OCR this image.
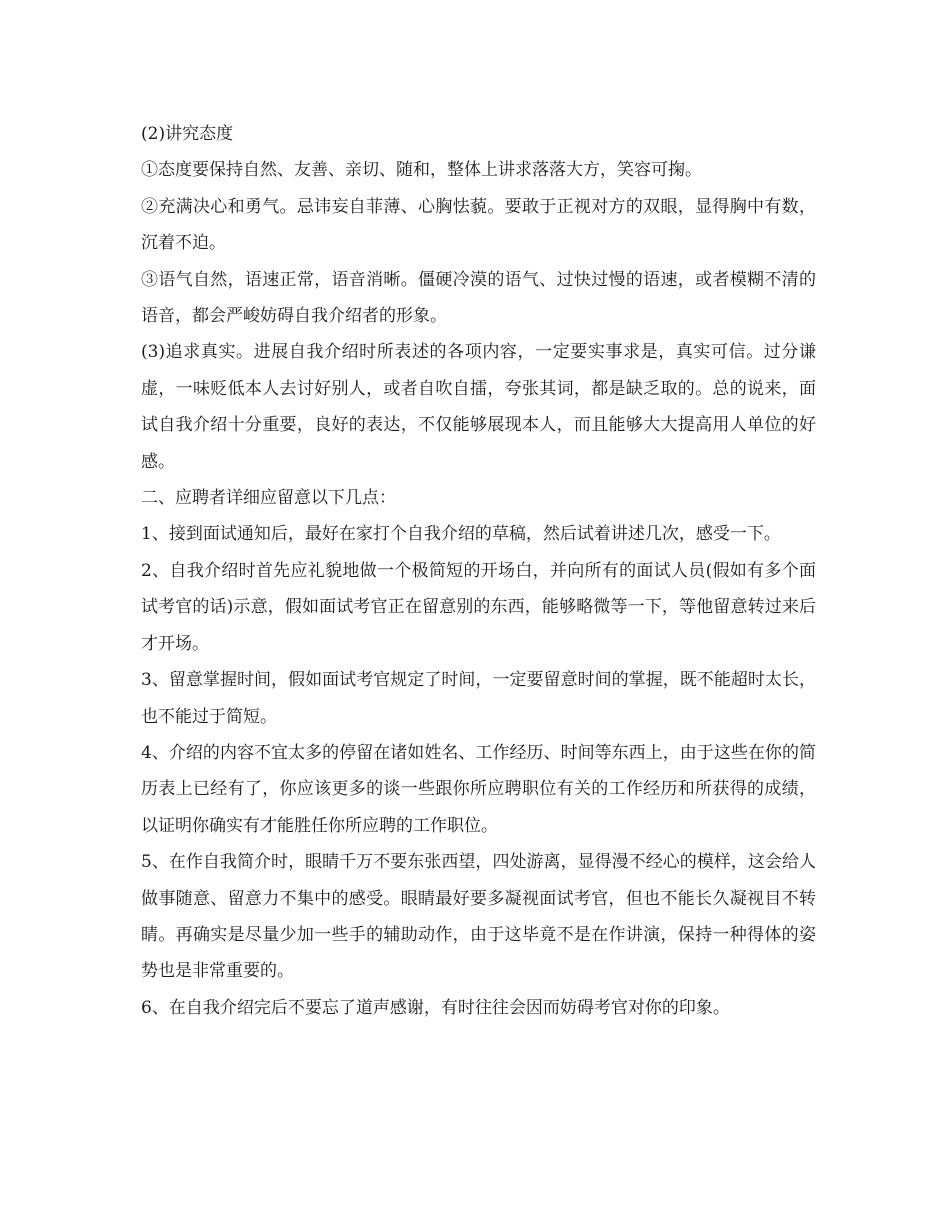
(2)讲究态度

①态度要保持自然、友善、亲切、随和，整体上讲求落落大方，笑容可掬。

②充满决心和勇气。忌讳妄自菲薄、心胸怯藐。要敢于正视对方的双眼，显得胸中有数，沉着不迫。

③语气自然，语速正常，语音消晰。僵硬冷漠的语气、过快过慢的语速，或者模糊不清的语音，都会严峻妨碍自我介绍者的形象。

(3)追求真实。进展自我介绍时所表述的各项内容，一定要实事求是，真实可信。过分谦虚，一味贬低本人去讨好别人，或者自吹自擂，夸张其词，都是缺乏取的。总的说来，面试自我介绍十分重要，良好的表达，不仅能够展现本人，而且能够大大提高用人单位的好感。

二、应聘者详细应留意以下几点：

1、接到面试通知后，最好在家打个自我介绍的草稿，然后试着讲述几次，感受一下。

2、自我介绍时首先应礼貌地做一个极简短的开场白，并向所有的面试人员(假如有多个面试考官的话)示意，假如面试考官正在留意别的东西，能够略微等一下，等他留意转过来后才开场。

3、留意掌握时间，假如面试考官规定了时间，一定要留意时间的掌握，既不能超时太长，也不能过于简短。

4、介绍的内容不宜太多的停留在诸如姓名、工作经历、时间等东西上，由于这些在你的简历表上已经有了，你应该更多的谈一些跟你所应聘职位有关的工作经历和所获得的成绩，以证明你确实有才能胜任你所应聘的工作职位。

5、在作自我简介时，眼睛千万不要东张西望，四处游离，显得漫不经心的模样，这会给人做事随意、留意力不集中的感受。眼睛最好要多凝视面试考官，但也不能长久凝视目不转睛。再确实是尽量少加一些手的辅助动作，由于这毕竟不是在作讲演，保持一种得体的姿势也是非常重要的。

6、在自我介绍完后不要忘了道声感谢，有时往往会因而妨碍考官对你的印象。
